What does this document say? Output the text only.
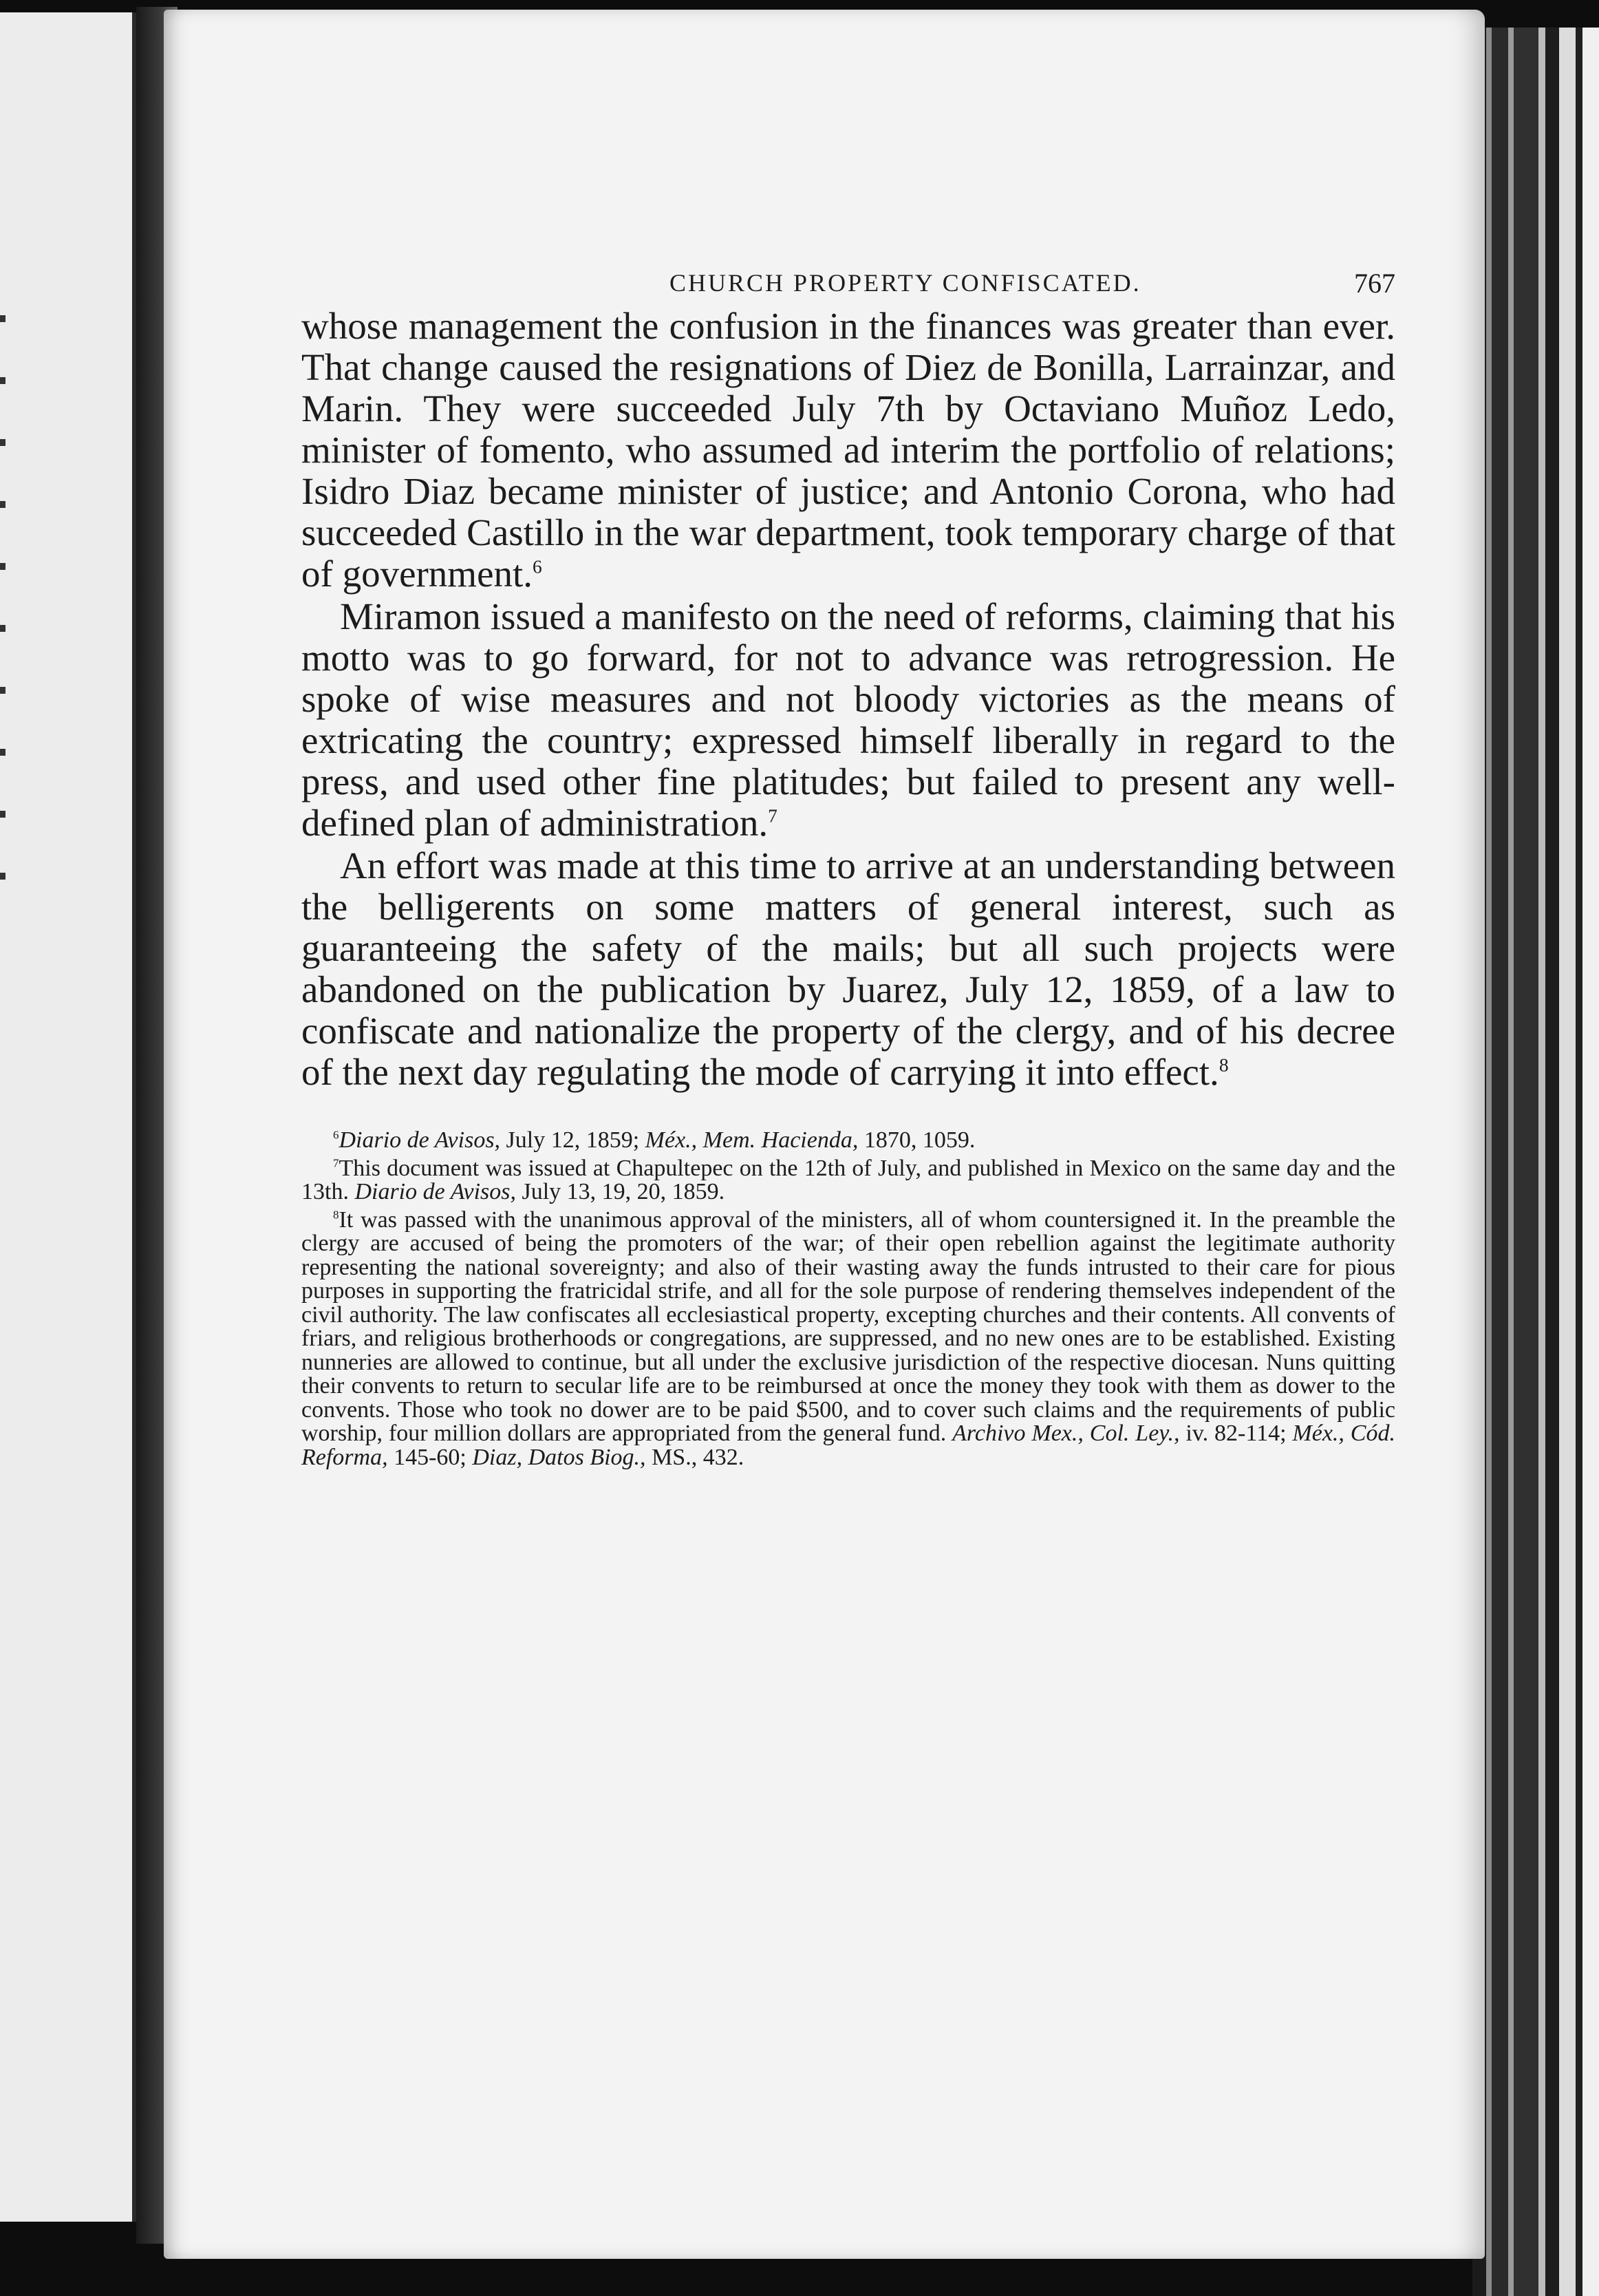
CHURCH PROPERTY CONFISCATED.	767

whose management the confusion in the finances was greater than ever. That change caused the resignations of Diez de Bonilla, Larrainzar, and Marin. They were succeeded July 7th by Octaviano Muñoz Ledo, minister of fomento, who assumed ad interim the portfolio of relations; Isidro Diaz became minister of justice; and Antonio Corona, who had succeeded Castillo in the war department, took temporary charge of that of government.$^6$

Miramon issued a manifesto on the need of reforms, claiming that his motto was to go forward, for not to advance was retrogression. He spoke of wise measures and not bloody victories as the means of extricating the country; expressed himself liberally in regard to the press, and used other fine platitudes; but failed to present any well-defined plan of administration.$^7$

An effort was made at this time to arrive at an understanding between the belligerents on some matters of general interest, such as guaranteeing the safety of the mails; but all such projects were abandoned on the publication by Juarez, July 12, 1859, of a law to confiscate and nationalize the property of the clergy, and of his decree of the next day regulating the mode of carrying it into effect.$^8$

$^6$Diario de Avisos, July 12, 1859; Méx., Mem. Hacienda, 1870, 1059.

$^7$This document was issued at Chapultepec on the 12th of July, and published in Mexico on the same day and the 13th. Diario de Avisos, July 13, 19, 20, 1859.

$^8$It was passed with the unanimous approval of the ministers, all of whom countersigned it. In the preamble the clergy are accused of being the promoters of the war; of their open rebellion against the legitimate authority representing the national sovereignty; and also of their wasting away the funds intrusted to their care for pious purposes in supporting the fratricidal strife, and all for the sole purpose of rendering themselves independent of the civil authority. The law confiscates all ecclesiastical property, excepting churches and their contents. All convents of friars, and religious brotherhoods or congregations, are suppressed, and no new ones are to be established. Existing nunneries are allowed to continue, but all under the exclusive jurisdiction of the respective diocesan. Nuns quitting their convents to return to secular life are to be reimbursed at once the money they took with them as dower to the convents. Those who took no dower are to be paid $500, and to cover such claims and the requirements of public worship, four million dollars are appropriated from the general fund. Archivo Mex., Col. Ley., iv. 82-114; Méx., Cód. Reforma, 145-60; Diaz, Datos Biog., MS., 432.
